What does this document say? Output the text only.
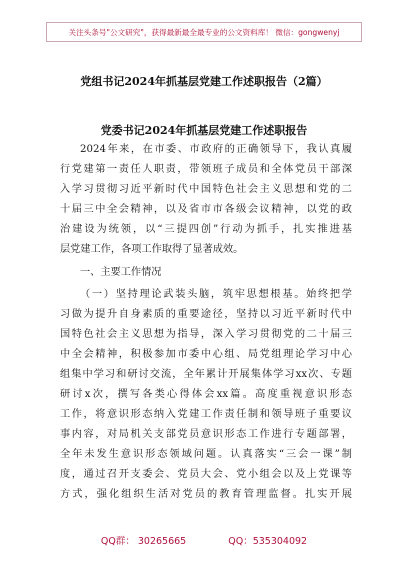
关注头条号"公文研究"，获得最新最全最专业的公文资料库！ 微信：gongwenyj
党组书记2024年抓基层党建工作述职报告（2篇）
党委书记2024年抓基层党建工作述职报告
2024年来，在市委、市政府的正确领导下，我认真履
行党建第一责任人职责，带领班子成员和全体党员干部深
入学习贯彻习近平新时代中国特色社会主义思想和党的二
十届三中全会精神，以及省市市各级会议精神，以党的政
治建设为统领，以“三提四创”行动为抓手，扎实推进基
层党建工作，各项工作取得了显著成效。
一、主要工作情况
（一）坚持理论武装头脑，筑牢思想根基。始终把学
习做为提升自身素质的重要途径，坚持以习近平新时代中
国特色社会主义思想为指导，深入学习贯彻党的二十届三
中全会精神，积极参加市委中心组、局党组理论学习中心
组集中学习和研讨交流，全年累计开展集体学习xx次、专题
研讨x次，撰写各类心得体会xx篇。高度重视意识形态
工作，将意识形态纳入党建工作责任制和领导班子重要议
事内容，对局机关支部党员意识形态工作进行专题部署，
全年未发生意识形态领域问题。认真落实“三会一课”制
度，通过召开支委会、党员大会、党小组会以及上党课等
方式，强化组织生活对党员的教育管理监督。扎实开展
QQ群： 30265665	QQ：535304092
